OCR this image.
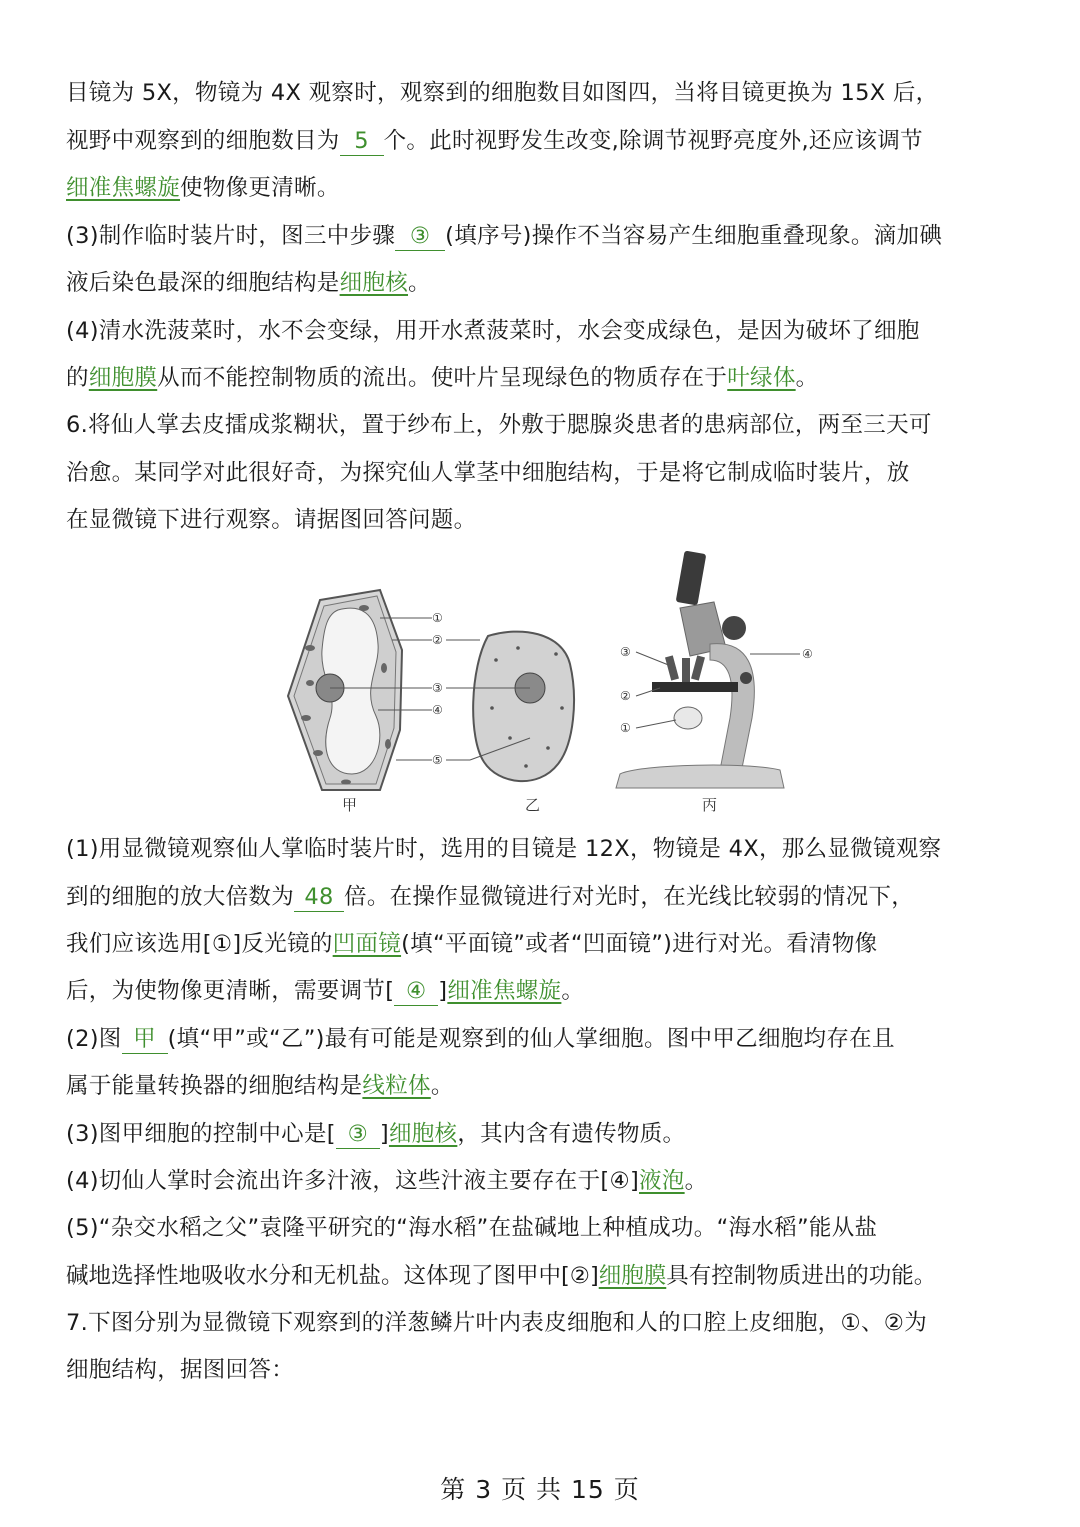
目镜为 5X，物镜为 4X 观察时，观察到的细胞数目如图四，当将目镜更换为 15X 后，
视野中观察到的细胞数目为 5 个。此时视野发生改变,除调节视野亮度外,还应该调节
细准焦螺旋使物像更清晰。
(3)制作临时装片时，图三中步骤 ③ (填序号)操作不当容易产生细胞重叠现象。滴加碘
液后染色最深的细胞结构是细胞核。
(4)清水洗菠菜时，水不会变绿，用开水煮菠菜时，水会变成绿色，是因为破坏了细胞
的细胞膜从而不能控制物质的流出。使叶片呈现绿色的物质存在于叶绿体。
6.将仙人掌去皮擂成浆糊状，置于纱布上，外敷于腮腺炎患者的患病部位，两至三天可
治愈。某同学对此很好奇，为探究仙人掌茎中细胞结构，于是将它制成临时装片，放
在显微镜下进行观察。请据图回答问题。
①
②
③
④
⑤
③
②
①
④
甲	乙	丙
(1)用显微镜观察仙人掌临时装片时，选用的目镜是 12X，物镜是 4X，那么显微镜观察
到的细胞的放大倍数为 48 倍。在操作显微镜进行对光时，在光线比较弱的情况下，
我们应该选用[①]反光镜的凹面镜(填“平面镜”或者“凹面镜”)进行对光。看清物像
后，为使物像更清晰，需要调节[ ④ ]细准焦螺旋。
(2)图 甲 (填“甲”或“乙”)最有可能是观察到的仙人掌细胞。图中甲乙细胞均存在且
属于能量转换器的细胞结构是线粒体。
(3)图甲细胞的控制中心是[ ③ ]细胞核，其内含有遗传物质。
(4)切仙人掌时会流出许多汁液，这些汁液主要存在于[④]液泡。
(5)“杂交水稻之父”袁隆平研究的“海水稻”在盐碱地上种植成功。“海水稻”能从盐
碱地选择性地吸收水分和无机盐。这体现了图甲中[②]细胞膜具有控制物质进出的功能。
7.下图分别为显微镜下观察到的洋葱鳞片叶内表皮细胞和人的口腔上皮细胞，①、②为
细胞结构，据图回答：
第 3 页 共 15 页
